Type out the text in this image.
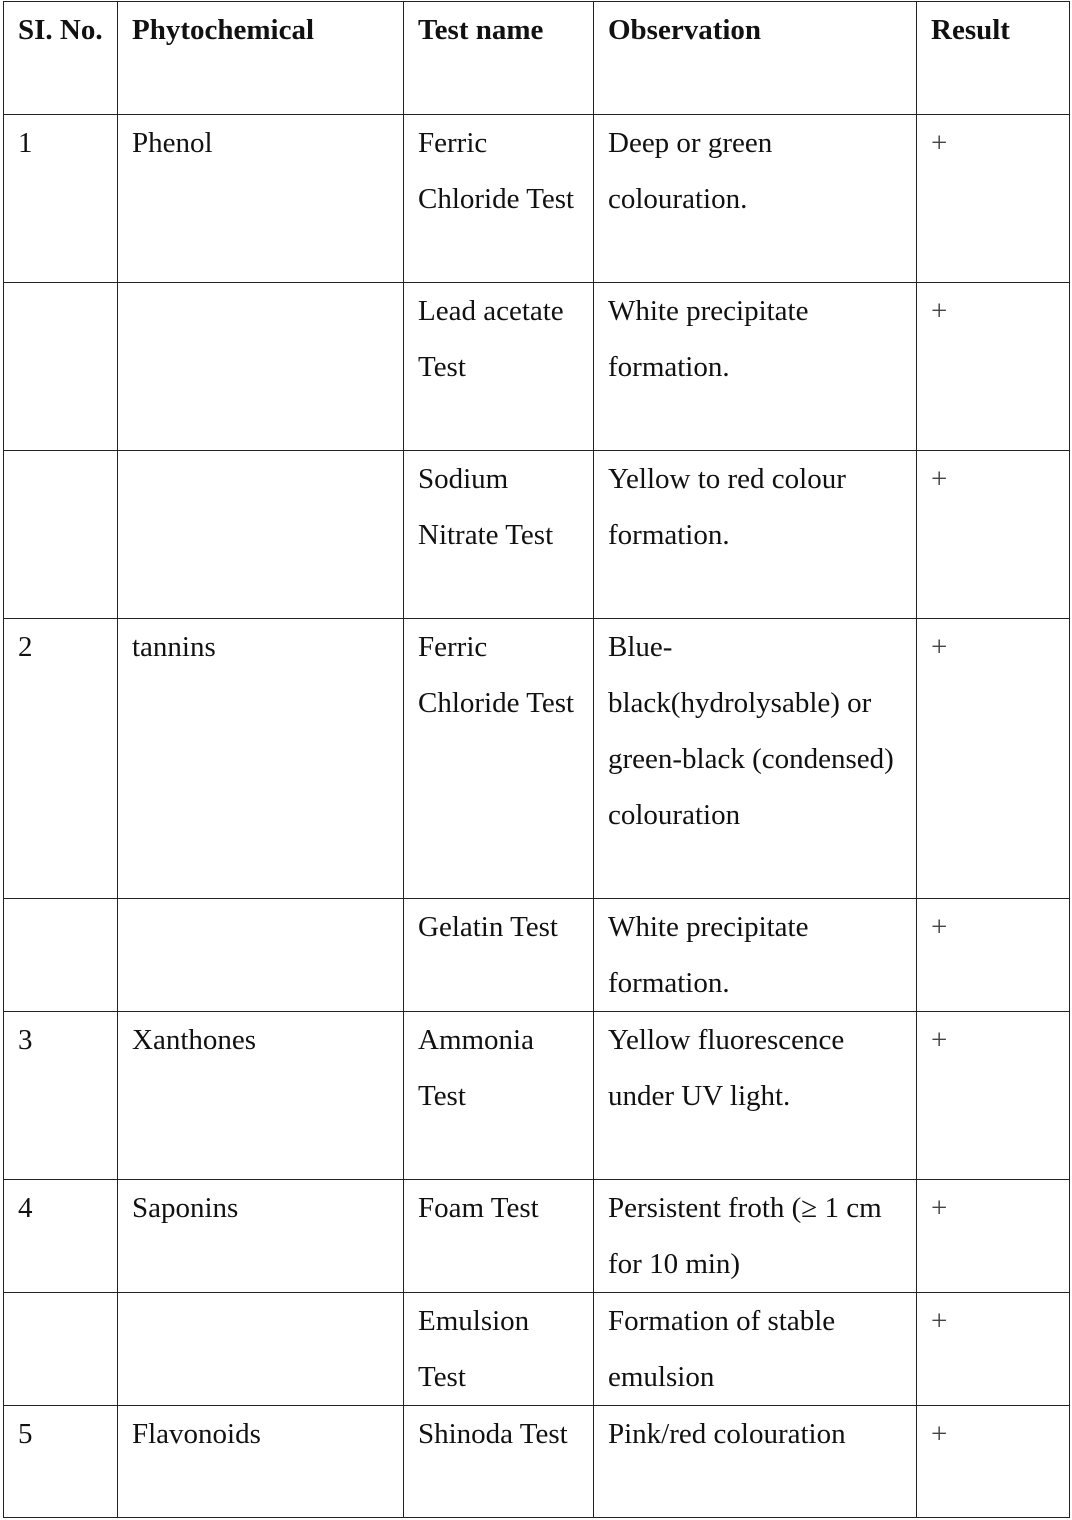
SI. No.	Phytochemical	Test name	Observation	Result
1	Phenol	Ferric Chloride Test	Deep or green colouration.	+
		Lead acetate Test	White precipitate formation.	+
		Sodium Nitrate Test	Yellow to red colour formation.	+
2	tannins	Ferric Chloride Test	Blue-black(hydrolysable) or green-black (condensed) colouration	+
		Gelatin Test	White precipitate formation.	+
3	Xanthones	Ammonia Test	Yellow fluorescence under UV light.	+
4	Saponins	Foam Test	Persistent froth (≥ 1 cm for 10 min)	+
		Emulsion Test	Formation of stable emulsion	+
5	Flavonoids	Shinoda Test	Pink/red colouration	+
